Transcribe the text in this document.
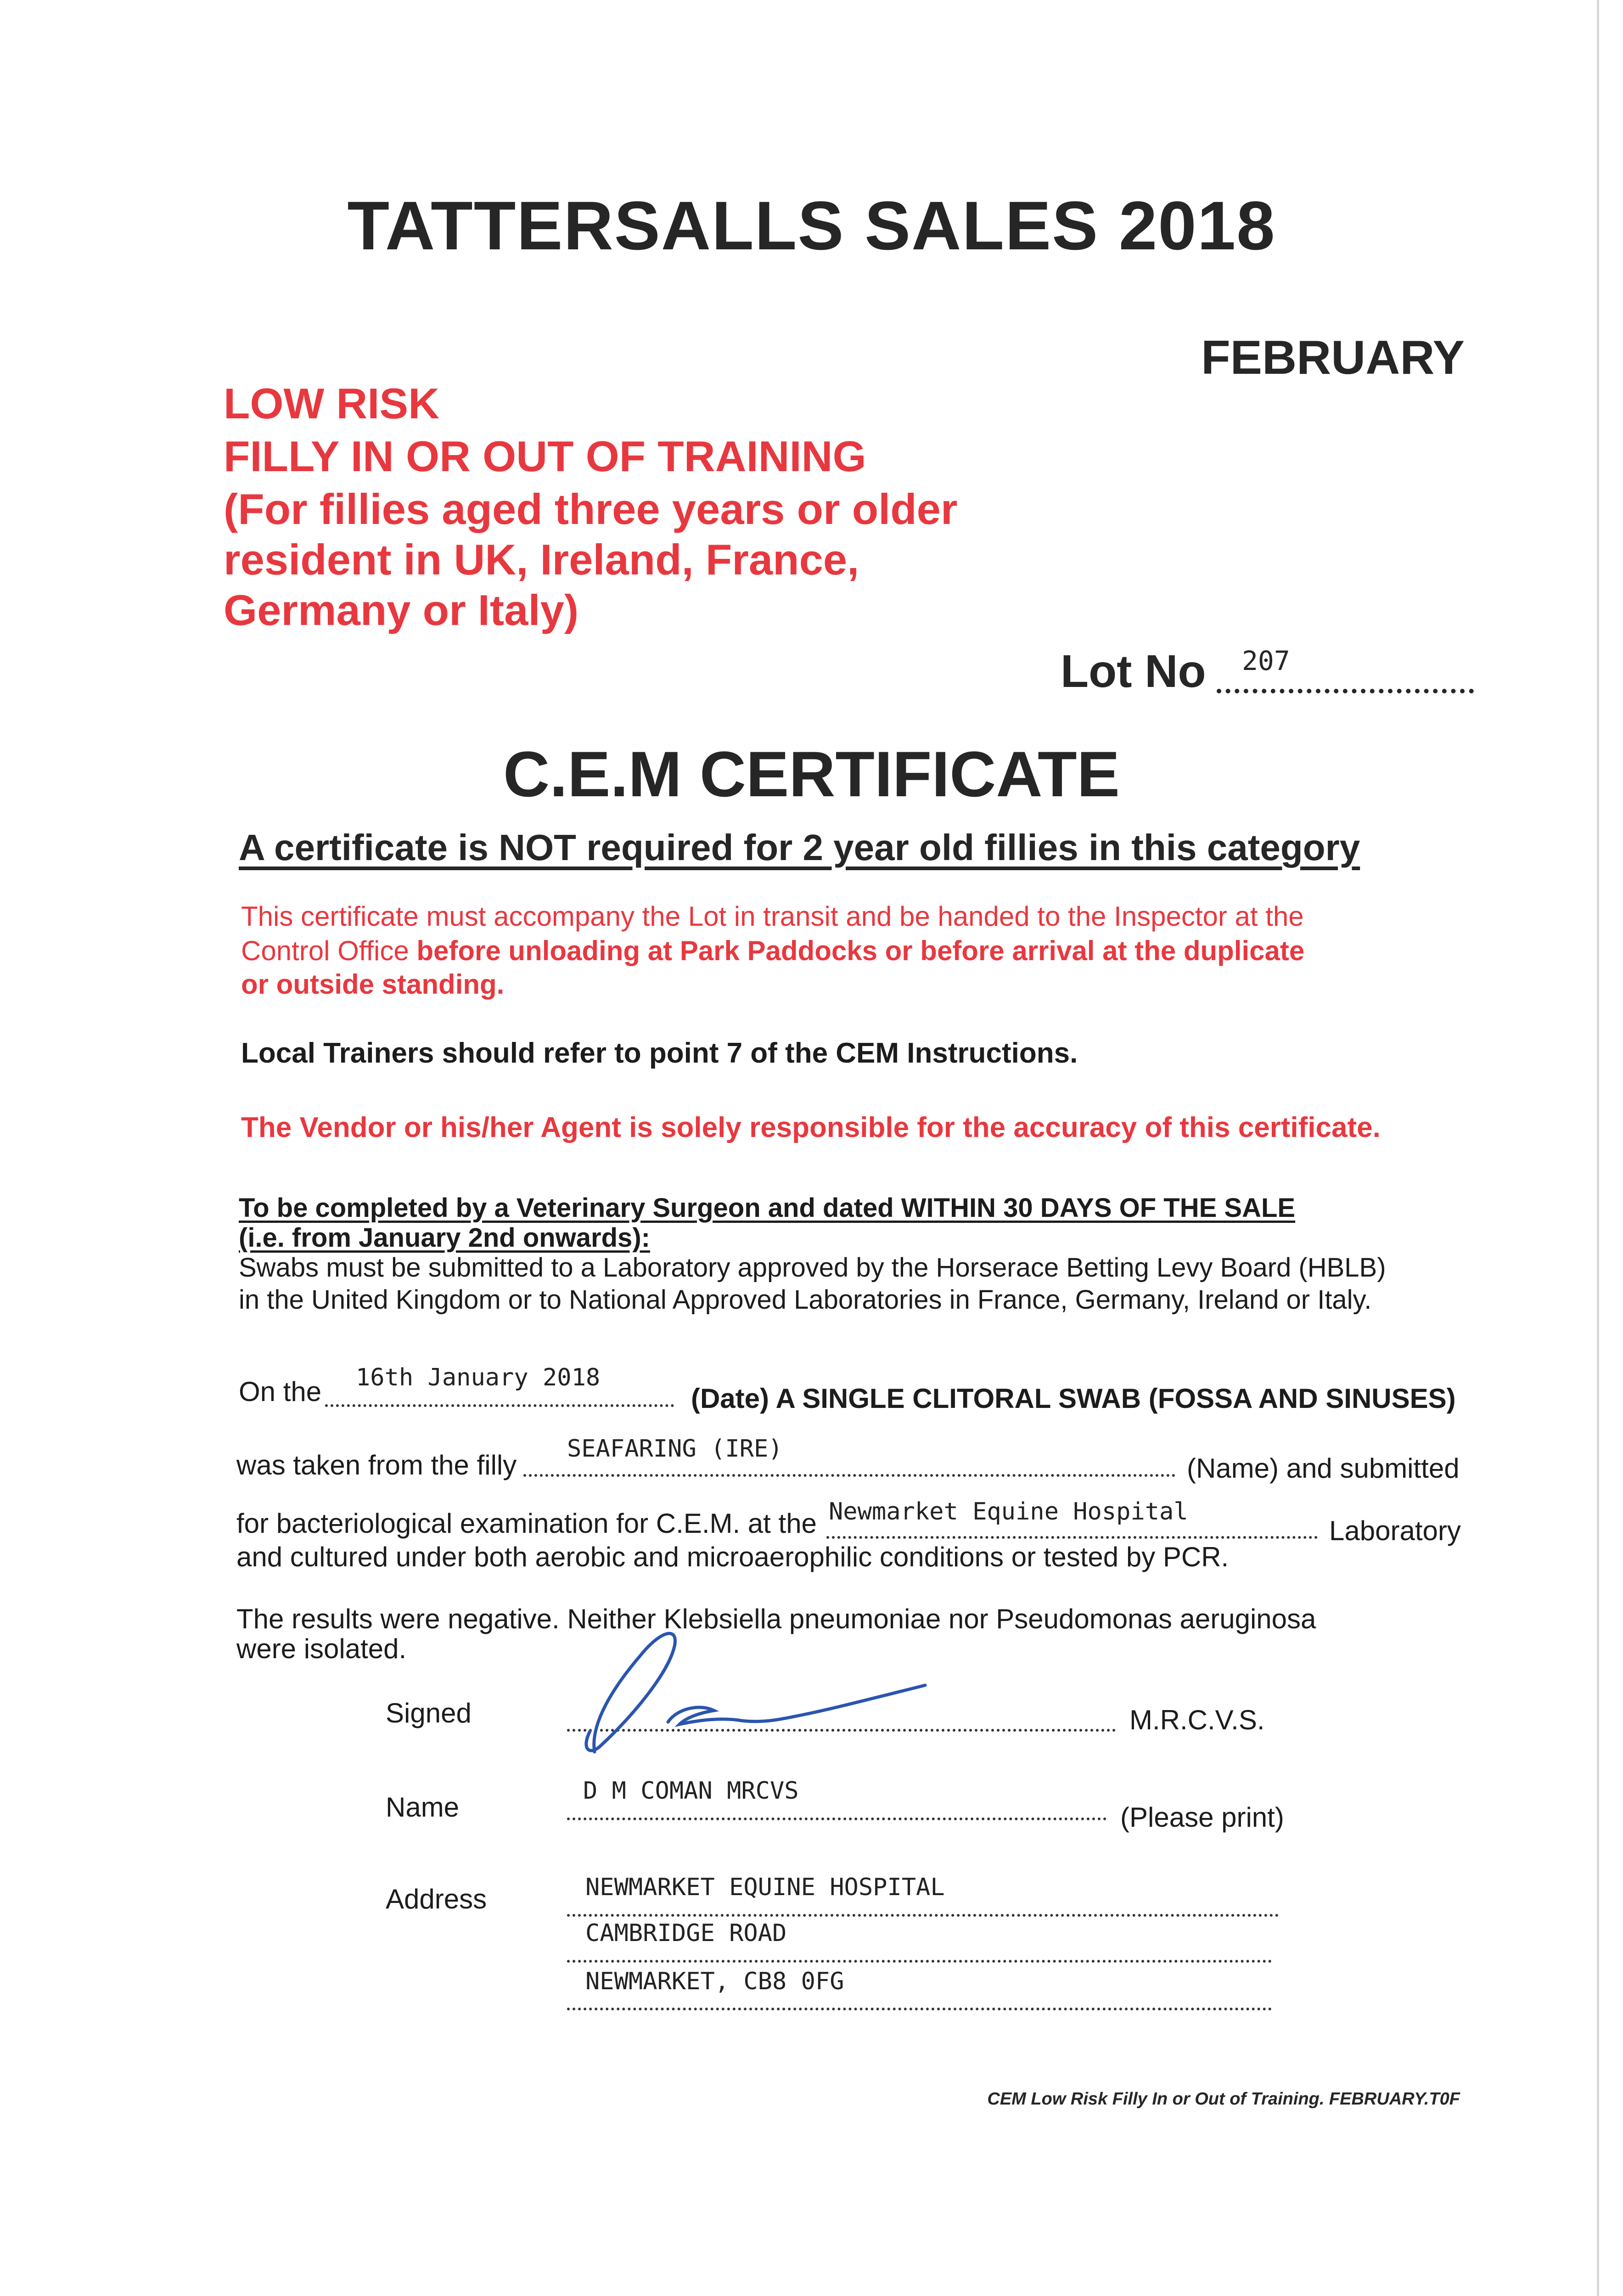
TATTERSALLS SALES 2018
FEBRUARY
LOW RISK
FILLY IN OR OUT OF TRAINING
(For fillies aged three years or older
resident in UK, Ireland, France,
Germany or Italy)
Lot No 207
C.E.M CERTIFICATE
A certificate is NOT required for 2 year old fillies in this category
This certificate must accompany the Lot in transit and be handed to the Inspector at the
Control Office before unloading at Park Paddocks or before arrival at the duplicate
or outside standing.
Local Trainers should refer to point 7 of the CEM Instructions.
The Vendor or his/her Agent is solely responsible for the accuracy of this certificate.
To be completed by a Veterinary Surgeon and dated WITHIN 30 DAYS OF THE SALE
(i.e. from January 2nd onwards):
Swabs must be submitted to a Laboratory approved by the Horserace Betting Levy Board (HBLB)
in the United Kingdom or to National Approved Laboratories in France, Germany, Ireland or Italy.
On the 16th January 2018
(Date) A SINGLE CLITORAL SWAB (FOSSA AND SINUSES)
was taken from the filly
SEAFARING (IRE)
(Name) and submitted
for bacteriological examination for C.E.M. at the Newmarket Equine Hospital
Laboratory
and cultured under both aerobic and microaerophilic conditions or tested by PCR.
The results were negative. Neither Klebsiella pneumoniae nor Pseudomonas aeruginosa
were isolated.
Signed	M.R.C.V.S.
Name
D M COMAN MRCVS
(Please print)
Address	NEWMARKET EQUINE HOSPITAL
CAMBRIDGE ROAD
NEWMARKET, CB8 0FG
CEM Low Risk Filly In or Out of Training. FEBRUARY.T0F
